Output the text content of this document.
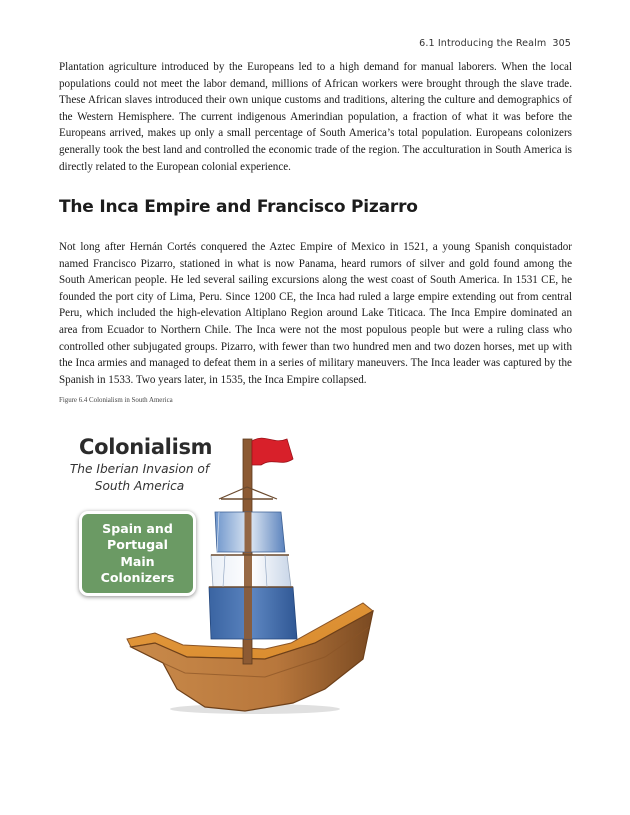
6.1 Introducing the Realm 305

Plantation agriculture introduced by the Europeans led to a high demand for manual laborers. When the local populations could not meet the labor demand, millions of African workers were brought through the slave trade. These African slaves introduced their own unique customs and traditions, altering the culture and demographics of the Western Hemisphere. The current indigenous Amerindian population, a fraction of what it was before the Europeans arrived, makes up only a small percentage of South America’s total population. Europeans colonizers generally took the best land and controlled the economic trade of the region. The acculturation in South America is directly related to the European colonial experience.

The Inca Empire and Francisco Pizarro

Not long after Hernán Cortés conquered the Aztec Empire of Mexico in 1521, a young Spanish conquistador named Francisco Pizarro, stationed in what is now Panama, heard rumors of silver and gold found among the South American people. He led several sailing excursions along the west coast of South America. In 1531 CE, he founded the port city of Lima, Peru. Since 1200 CE, the Inca had ruled a large empire extending out from central Peru, which included the high-elevation Altiplano Region around Lake Titicaca. The Inca Empire dominated an area from Ecuador to Northern Chile. The Inca were not the most populous people but were a ruling class who controlled other subjugated groups. Pizarro, with fewer than two hundred men and two dozen horses, met up with the Inca armies and managed to defeat them in a series of military maneuvers. The Inca leader was captured by the Spanish in 1533. Two years later, in 1535, the Inca Empire collapsed.

Figure 6.4 Colonialism in South America
Colonialism
The Iberian Invasion of South America
Spain and
Portugal
Main
Colonizers
